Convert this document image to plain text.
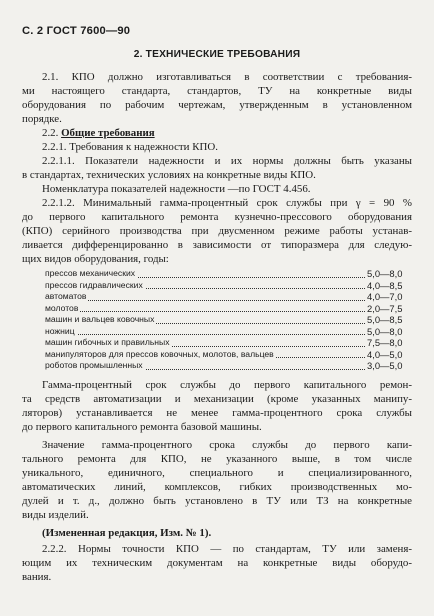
С. 2 ГОСТ 7600—90
2. ТЕХНИЧЕСКИЕ ТРЕБОВАНИЯ
2.1. КПО должно изготавливаться в соответствии с требования-
ми настоящего стандарта, стандартов, ТУ на конкретные виды
оборудования по рабочим чертежам, утвержденным в установленном
порядке.
2.2. Общие требования
2.2.1. Требования к надежности КПО.
2.2.1.1. Показатели надежности и их нормы должны быть указаны
в стандартах, технических условиях на конкретные виды КПО.
Номенклатура показателей надежности —по ГОСТ 4.456.
2.2.1.2. Минимальный гамма-процентный срок службы при γ = 90 %
до первого капитального ремонта кузнечно-прессового оборудования
(КПО) серийного производства при двусменном режиме работы устанав-
ливается дифференцированно в зависимости от типоразмера для следую-
щих видов оборудования, годы:
прессов механических	5,0—8,0
прессов гидравлических	4,0—8,5
автоматов	4,0—7,0
молотов	2,0—7,5
машин и вальцев ковочных	5,0—8,5
ножниц	5,0—8,0
машин гибочных и правильных	7,5—8,0
манипуляторов для прессов ковочных, молотов, вальцев	4,0—5,0
роботов промышленных	3,0—5,0
Гамма-процентный срок службы до первого капитального ремон-
та средств автоматизации и механизации (кроме указанных манипу-
ляторов) устанавливается не менее гамма-процентного срока службы
до первого капитального ремонта базовой машины.
Значение гамма-процентного срока службы до первого капи-
тального ремонта для КПО, не указанного выше, в том числе
уникального, единичного, специального и специализированного,
автоматических линий, комплексов, гибких производственных мо-
дулей и т. д., должно быть установлено в ТУ или ТЗ на конкретные
виды изделий.
(Измененная редакция, Изм. № 1).
2.2.2. Нормы точности КПО — по стандартам, ТУ или заменя-
ющим их техническим документам на конкретные виды оборудо-
вания.
